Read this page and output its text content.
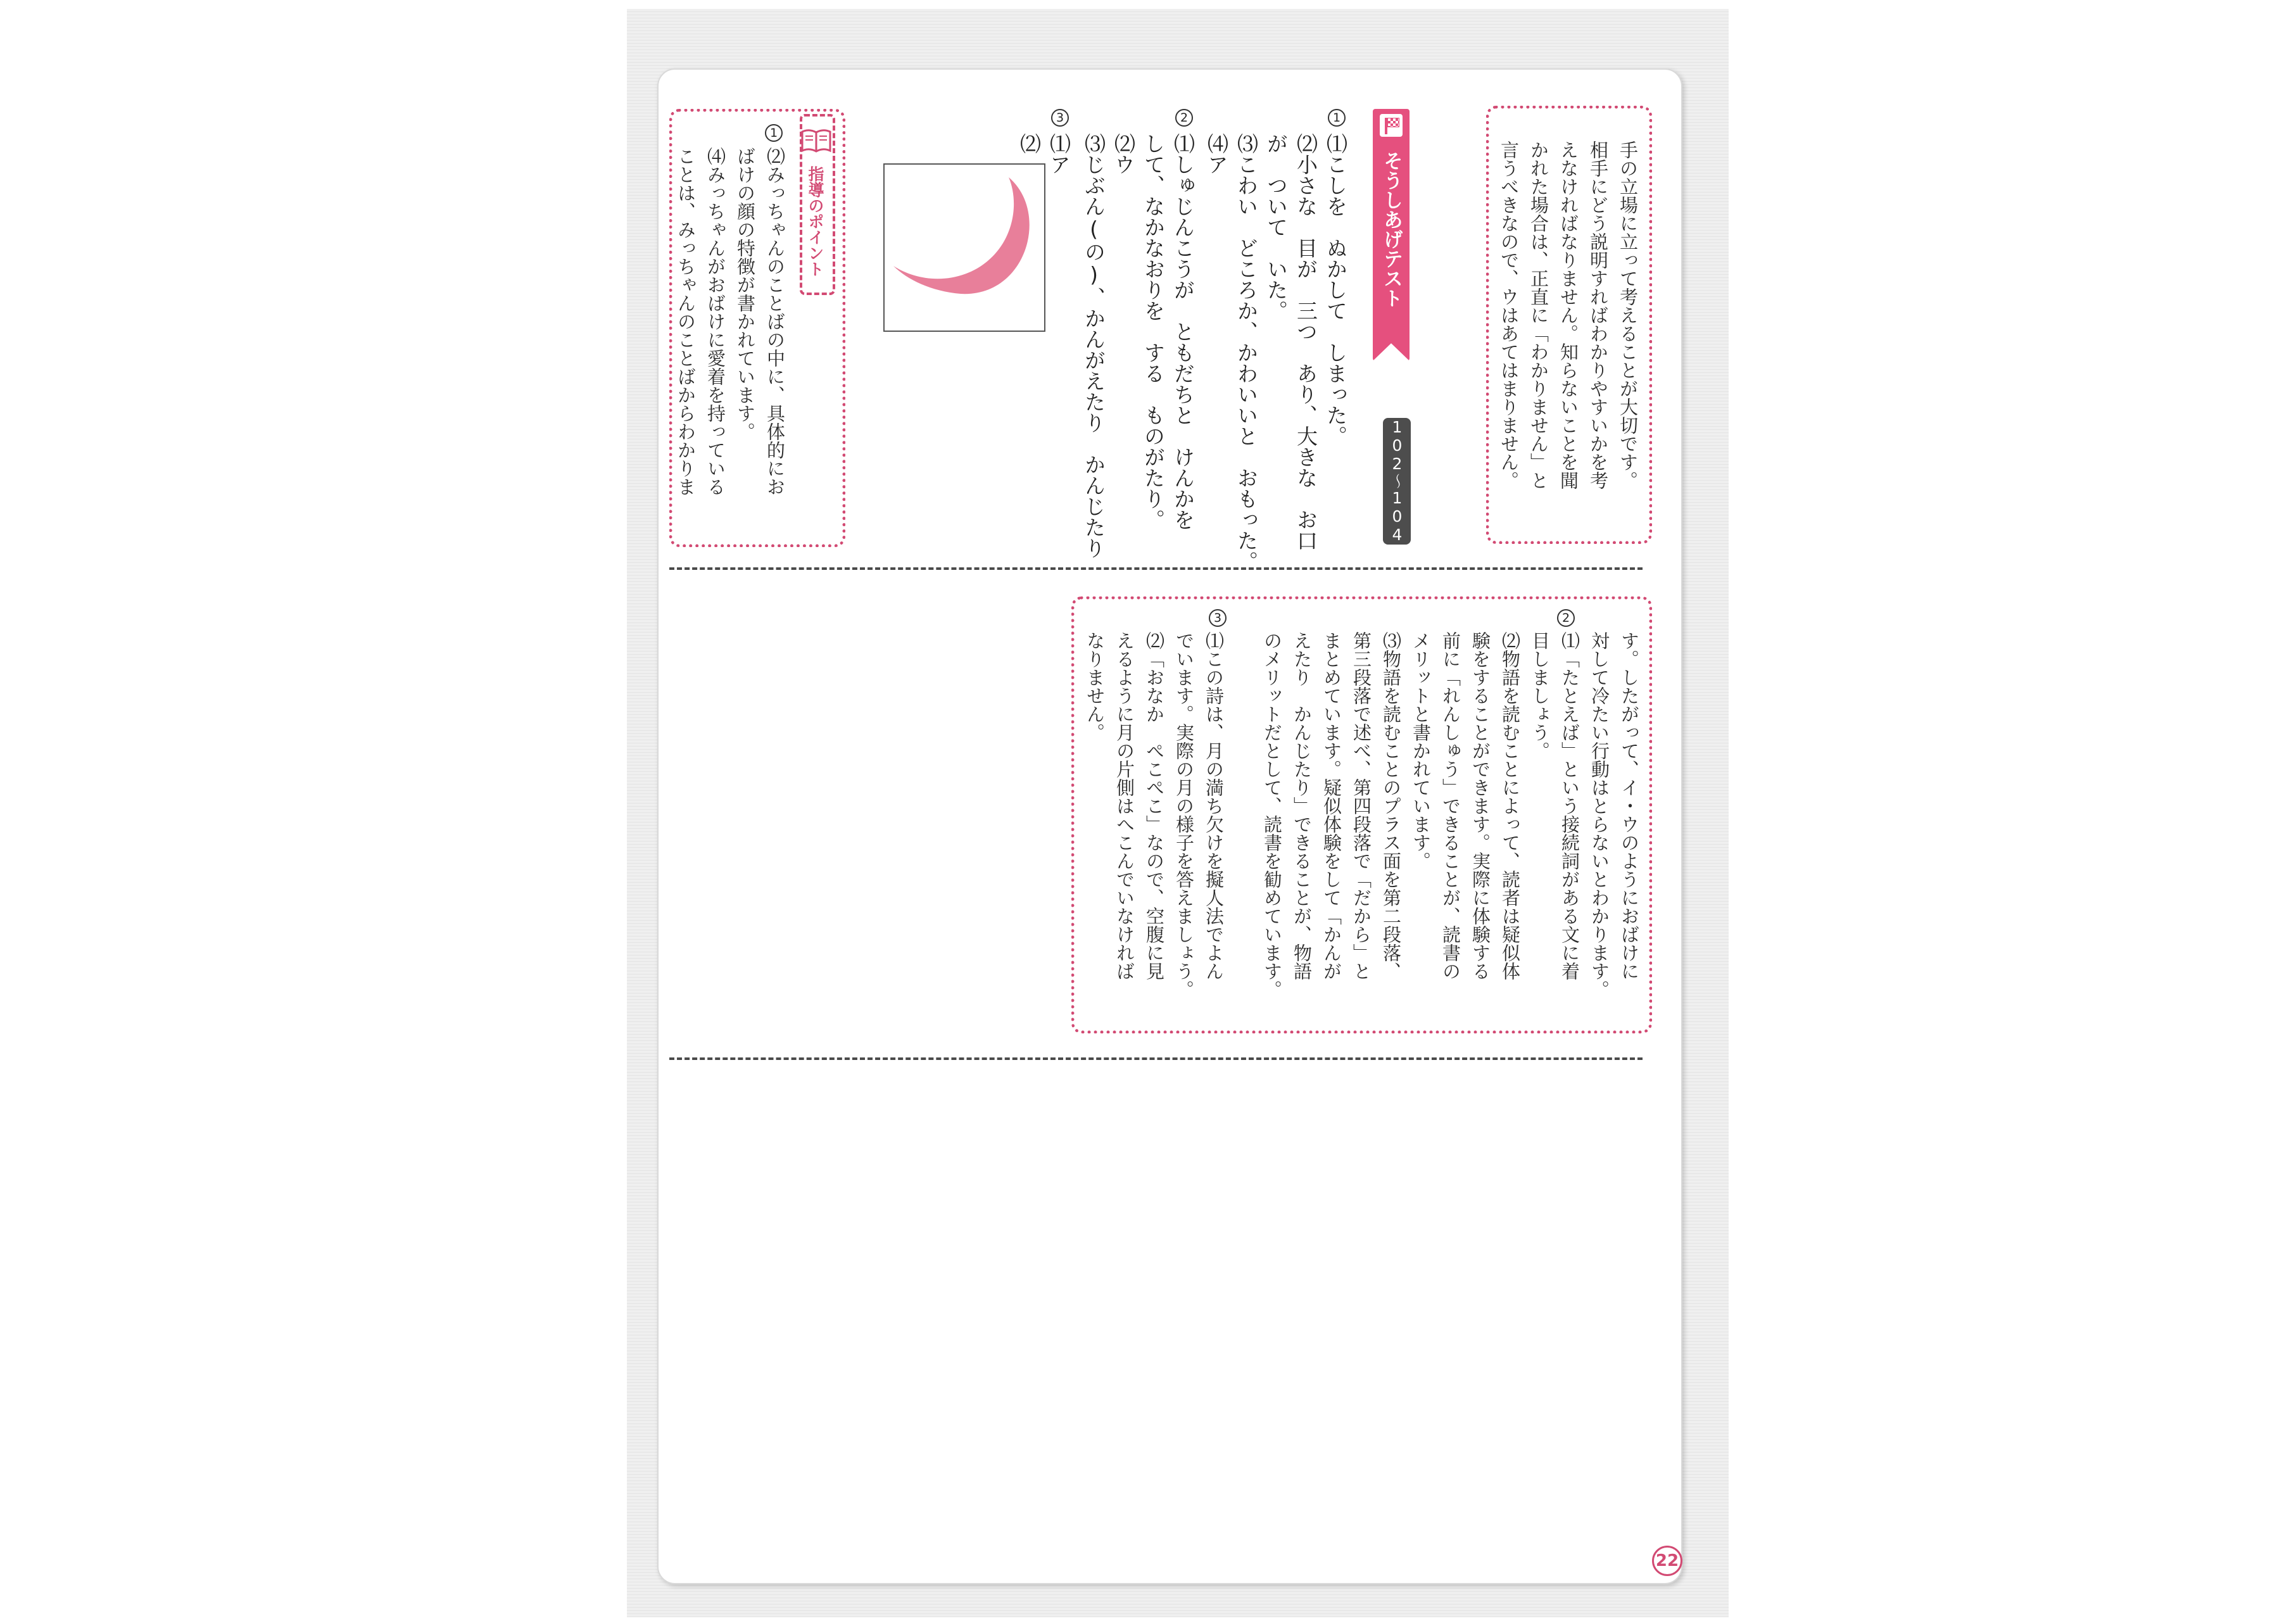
手の立場に立って考えることが大切です。
相手にどう説明すればわかりやすいかを考
えなければなりません。知らないことを聞
かれた場合は、正直に「わかりません」と
言うべきなので、ウはあてはまりません。
そうしあげテスト
102〜104ページ
1
⑴こしを　ぬかして　しまった。
⑵小さな　目が　三つ　あり、大きな　お口
が　ついて　いた。
⑶こわい　どころか、かわいいと　おもった。
⑷ア
2
⑴しゅじんこうが　ともだちと　けんかを
して、なかなおりを　する　ものがたり。
⑵ウ
⑶じぶん(の)、かんがえたり　かんじたり
3
⑴ア
⑵
指導のポイント
1
⑵みっちゃんのことばの中に、具体的にお
ばけの顔の特徴が書かれています。
⑷みっちゃんがおばけに愛着を持っている
ことは、みっちゃんのことばからわかりま
2
3
す。したがって、イ・ウのようにおばけに
対して冷たい行動はとらないとわかります。
⑴「たとえば」という接続詞がある文に着
目しましょう。
⑵物語を読むことによって、読者は疑似体
験をすることができます。実際に体験する
前に「れんしゅう」できることが、読書の
メリットと書かれています。
⑶物語を読むことのプラス面を第二段落、
第三段落で述べ、第四段落で「だから」と
まとめています。疑似体験をして「かんが
えたり　かんじたり」できることが、物語
のメリットだとして、読書を勧めています。
⑴この詩は、月の満ち欠けを擬人法でよん
でいます。実際の月の様子を答えましょう。
⑵「おなか　ぺこぺこ」なので、空腹に見
えるように月の片側はへこんでいなければ
なりません。
22
